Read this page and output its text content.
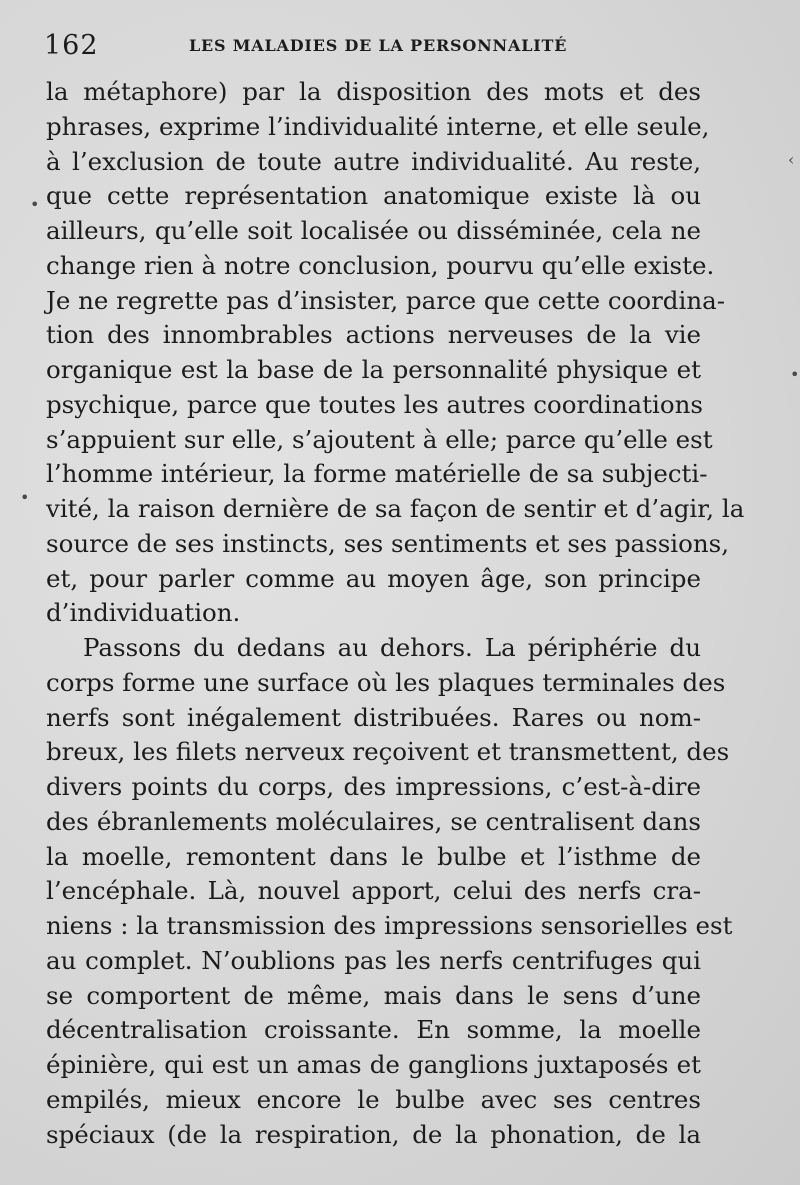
162	LES MALADIES DE LA PERSONNALITÉ
la métaphore) par la disposition des mots et des
phrases, exprime l’individualité interne, et elle seule,
à l’exclusion de toute autre individualité. Au reste,
que cette représentation anatomique existe là ou
ailleurs, qu’elle soit localisée ou disséminée, cela ne
change rien à notre conclusion, pourvu qu’elle existe.
Je ne regrette pas d’insister, parce que cette coordina-
tion des innombrables actions nerveuses de la vie
organique est la base de la personnalité physique et
psychique, parce que toutes les autres coordinations
s’appuient sur elle, s’ajoutent à elle; parce qu’elle est
l’homme intérieur, la forme matérielle de sa subjecti-
vité, la raison dernière de sa façon de sentir et d’agir, la
source de ses instincts, ses sentiments et ses passions,
et, pour parler comme au moyen âge, son principe
d’individuation.
Passons du dedans au dehors. La périphérie du
corps forme une surface où les plaques terminales des
nerfs sont inégalement distribuées. Rares ou nom-
breux, les filets nerveux reçoivent et transmettent, des
divers points du corps, des impressions, c’est-à-dire
des ébranlements moléculaires, se centralisent dans
la moelle, remontent dans le bulbe et l’isthme de
l’encéphale. Là, nouvel apport, celui des nerfs cra-
niens : la transmission des impressions sensorielles est
au complet. N’oublions pas les nerfs centrifuges qui
se comportent de même, mais dans le sens d’une
décentralisation croissante. En somme, la moelle
épinière, qui est un amas de ganglions juxtaposés et
empilés, mieux encore le bulbe avec ses centres
spéciaux (de la respiration, de la phonation, de la
•
•
‹
•
